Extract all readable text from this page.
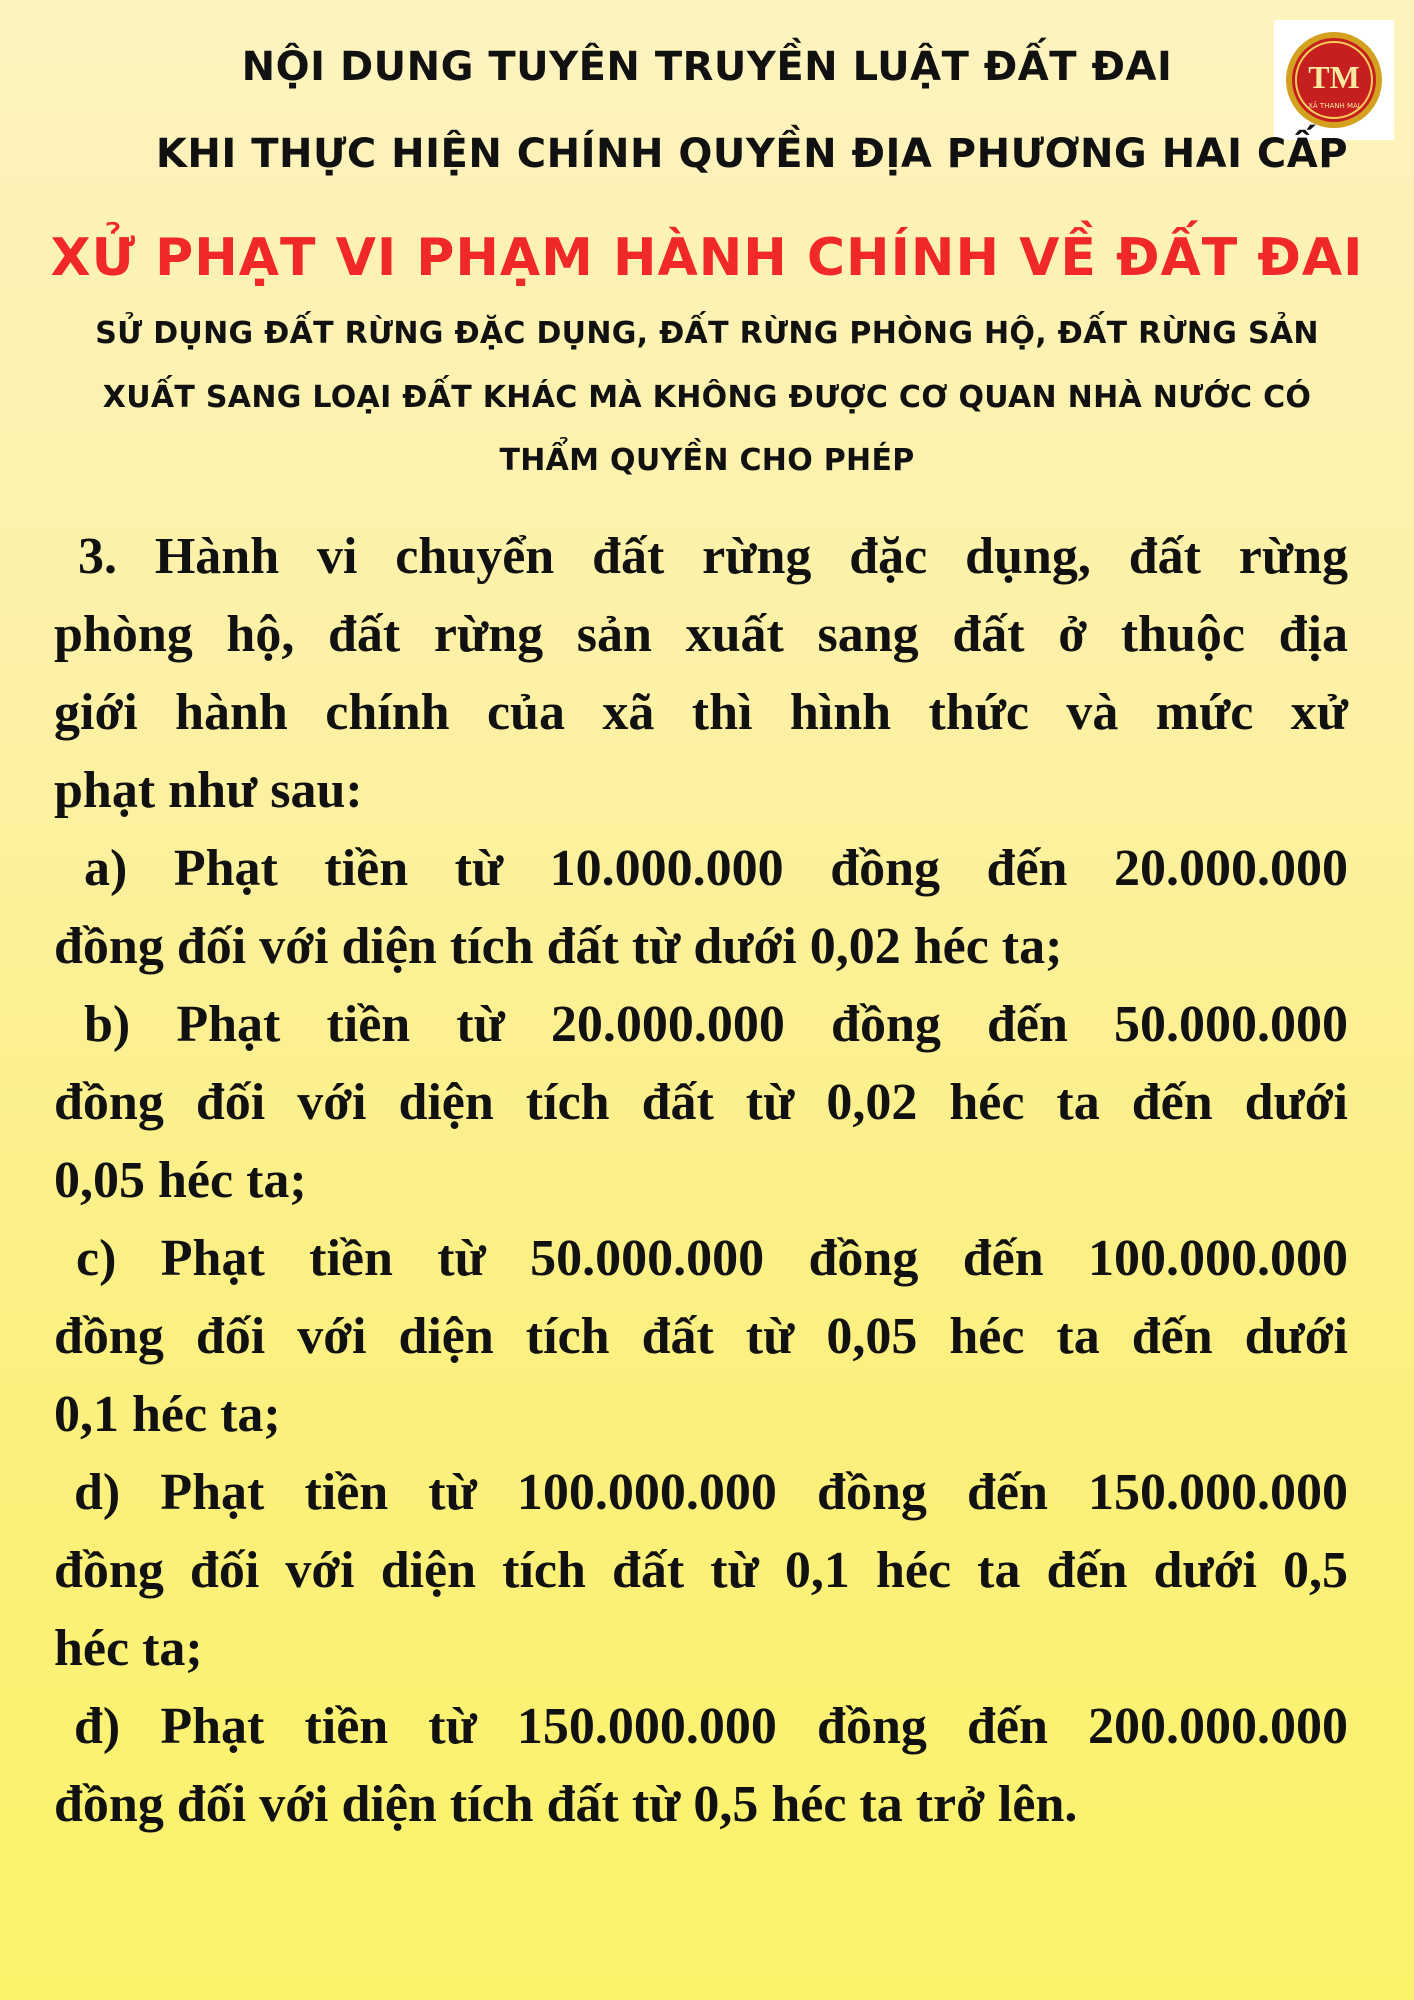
TM
XÃ THANH MAI
NỘI DUNG TUYÊN TRUYỀN LUẬT ĐẤT ĐAI
KHI THỰC HIỆN CHÍNH QUYỀN ĐỊA PHƯƠNG HAI CẤP
XỬ PHẠT VI PHẠM HÀNH CHÍNH VỀ ĐẤT ĐAI
SỬ DỤNG ĐẤT RỪNG ĐẶC DỤNG, ĐẤT RỪNG PHÒNG HỘ, ĐẤT RỪNG SẢN
XUẤT SANG LOẠI ĐẤT KHÁC MÀ KHÔNG ĐƯỢC CƠ QUAN NHÀ NƯỚC CÓ
THẨM QUYỀN CHO PHÉP
3. Hành vi chuyển đất rừng đặc dụng, đất rừng
phòng hộ, đất rừng sản xuất sang đất ở thuộc địa
giới hành chính của xã thì hình thức và mức xử
phạt như sau:
a) Phạt tiền từ 10.000.000 đồng đến 20.000.000
đồng đối với diện tích đất từ dưới 0,02 héc ta;
b) Phạt tiền từ 20.000.000 đồng đến 50.000.000
đồng đối với diện tích đất từ 0,02 héc ta đến dưới
0,05 héc ta;
c) Phạt tiền từ 50.000.000 đồng đến 100.000.000
đồng đối với diện tích đất từ 0,05 héc ta đến dưới
0,1 héc ta;
d) Phạt tiền từ 100.000.000 đồng đến 150.000.000
đồng đối với diện tích đất từ 0,1 héc ta đến dưới 0,5
héc ta;
đ) Phạt tiền từ 150.000.000 đồng đến 200.000.000
đồng đối với diện tích đất từ 0,5 héc ta trở lên.
